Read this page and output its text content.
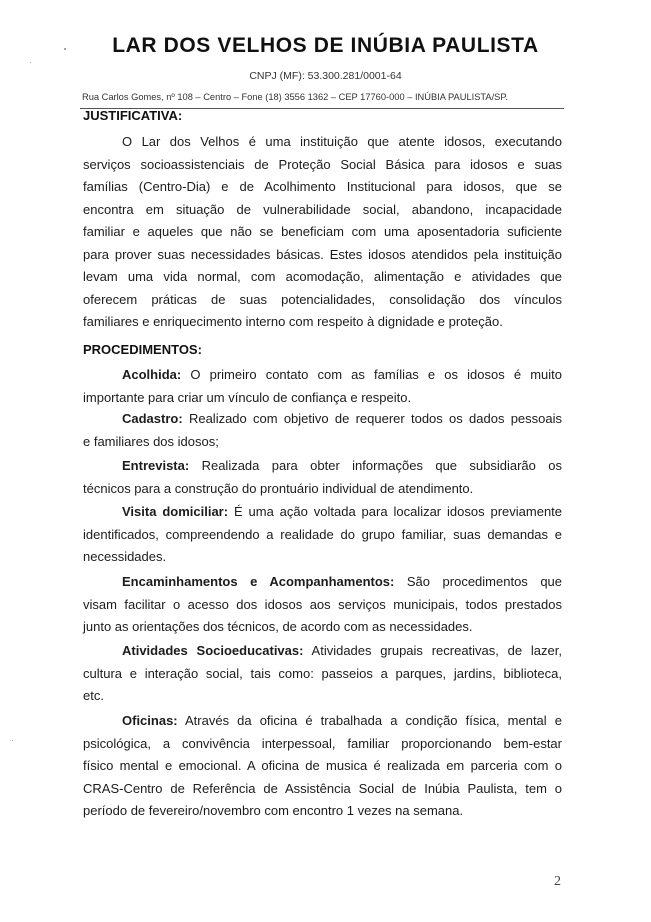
LAR DOS VELHOS DE INÚBIA PAULISTA
CNPJ (MF): 53.300.281/0001-64
Rua Carlos Gomes, nº 108 – Centro – Fone (18) 3556 1362 – CEP 17760-000 – INÚBIA PAULISTA/SP.
JUSTIFICATIVA:
O Lar dos Velhos é uma instituição que atente idosos, executando
serviços socioassistenciais de Proteção Social Básica para idosos e suas
famílias (Centro-Dia) e de Acolhimento Institucional para idosos, que se
encontra em situação de vulnerabilidade social, abandono, incapacidade
familiar e aqueles que não se beneficiam com uma aposentadoria suficiente
para prover suas necessidades básicas. Estes idosos atendidos pela instituição
levam uma vida normal, com acomodação, alimentação e atividades que
oferecem práticas de suas potencialidades, consolidação dos vínculos
familiares e enriquecimento interno com respeito à dignidade e proteção.
PROCEDIMENTOS:
Acolhida: O primeiro contato com as famílias e os idosos é muito
importante para criar um vínculo de confiança e respeito.
Cadastro: Realizado com objetivo de requerer todos os dados pessoais
e familiares dos idosos;
Entrevista: Realizada para obter informações que subsidiarão os
técnicos para a construção do prontuário individual de atendimento.
Visita domiciliar: É uma ação voltada para localizar idosos previamente
identificados, compreendendo a realidade do grupo familiar, suas demandas e
necessidades.
Encaminhamentos e Acompanhamentos: São procedimentos que
visam facilitar o acesso dos idosos aos serviços municipais, todos prestados
junto as orientações dos técnicos, de acordo com as necessidades.
Atividades Socioeducativas: Atividades grupais recreativas, de lazer,
cultura e interação social, tais como: passeios a parques, jardins, biblioteca,
etc.
Oficinas: Através da oficina é trabalhada a condição física, mental e
psicológica, a convivência interpessoal, familiar proporcionando bem-estar
físico mental e emocional. A oficina de musica é realizada em parceria com o
CRAS-Centro de Referência de Assistência Social de Inúbia Paulista, tem o
período de fevereiro/novembro com encontro 1 vezes na semana.
2
